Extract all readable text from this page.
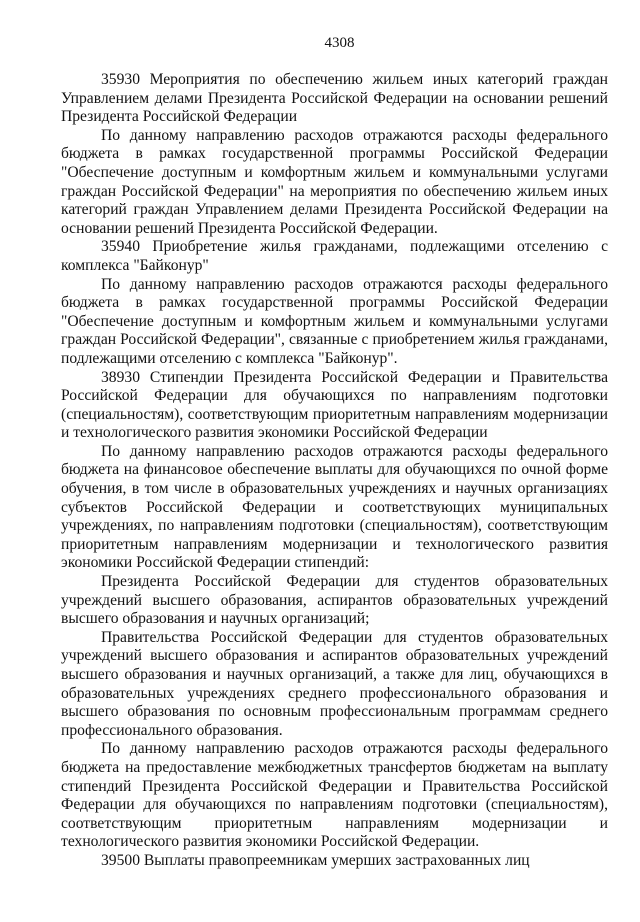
4308

35930 Мероприятия по обеспечению жильем иных категорий граждан Управлением делами Президента Российской Федерации на основании решений Президента Российской Федерации

По данному направлению расходов отражаются расходы федерального бюджета в рамках государственной программы Российской Федерации "Обеспечение доступным и комфортным жильем и коммунальными услугами граждан Российской Федерации" на мероприятия по обеспечению жильем иных категорий граждан Управлением делами Президента Российской Федерации на основании решений Президента Российской Федерации.

35940 Приобретение жилья гражданами, подлежащими отселению с комплекса "Байконур"

По данному направлению расходов отражаются расходы федерального бюджета в рамках государственной программы Российской Федерации "Обеспечение доступным и комфортным жильем и коммунальными услугами граждан Российской Федерации", связанные с приобретением жилья гражданами, подлежащими отселению с комплекса "Байконур".

38930 Стипендии Президента Российской Федерации и Правительства Российской Федерации для обучающихся по направлениям подготовки (специальностям), соответствующим приоритетным направлениям модернизации и технологического развития экономики Российской Федерации

По данному направлению расходов отражаются расходы федерального бюджета на финансовое обеспечение выплаты для обучающихся по очной форме обучения, в том числе в образовательных учреждениях и научных организациях субъектов Российской Федерации и соответствующих муниципальных учреждениях, по направлениям подготовки (специальностям), соответствующим приоритетным направлениям модернизации и технологического развития экономики Российской Федерации стипендий:

Президента Российской Федерации для студентов образовательных учреждений высшего образования, аспирантов образовательных учреждений высшего образования и научных организаций;

Правительства Российской Федерации для студентов образовательных учреждений высшего образования и аспирантов образовательных учреждений высшего образования и научных организаций, а также для лиц, обучающихся в образовательных учреждениях среднего профессионального образования и высшего образования по основным профессиональным программам среднего профессионального образования.

По данному направлению расходов отражаются расходы федерального бюджета на предоставление межбюджетных трансфертов бюджетам на выплату стипендий Президента Российской Федерации и Правительства Российской Федерации для обучающихся по направлениям подготовки (специальностям), соответствующим приоритетным направлениям модернизации и технологического развития экономики Российской Федерации.

39500 Выплаты правопреемникам умерших застрахованных лиц
